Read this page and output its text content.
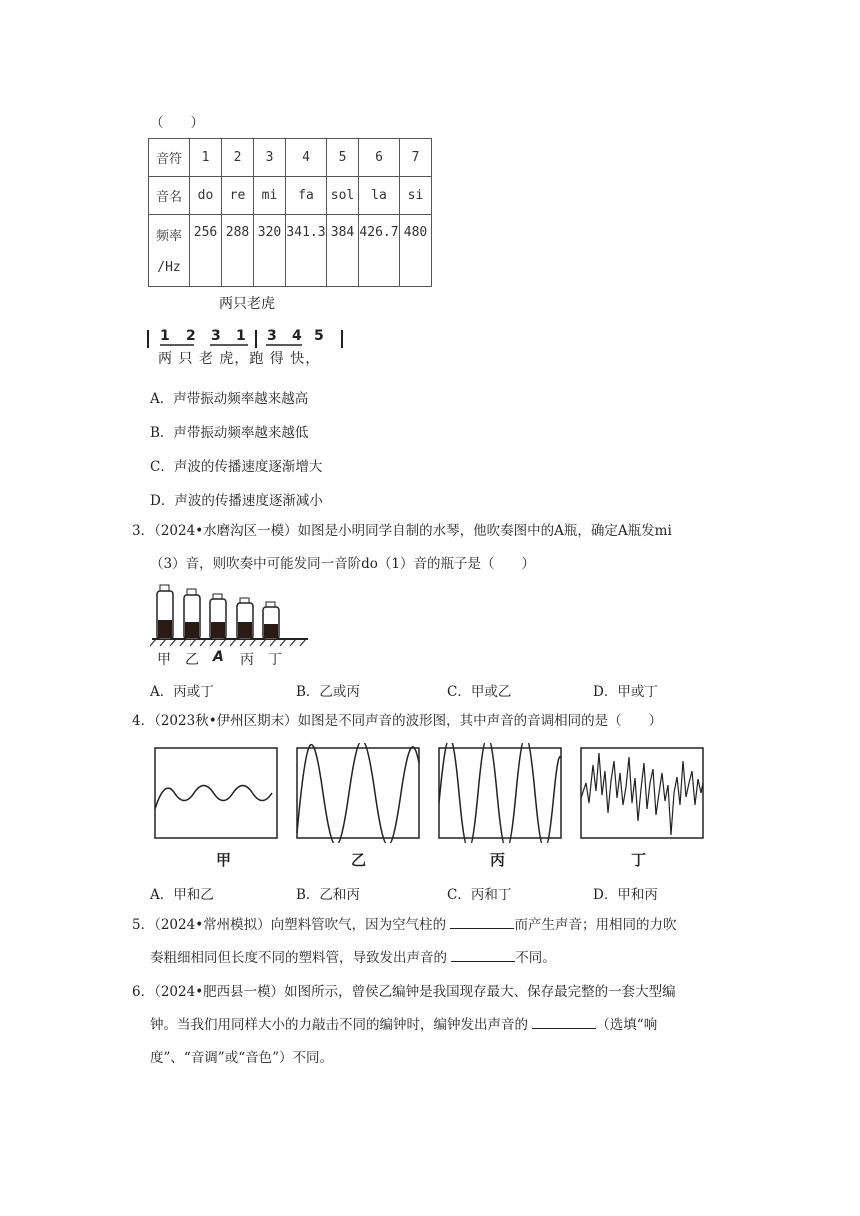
（　　）
音符	1	2	3	4	5	6	7
音名	do	re	mi	fa	sol	la	si

频率
/Hz	256	288	320	341.3	384	426.7	480
两只老虎
1 2 3 1 3 4 5
两 只 老 虎，跑 得 快，
A．声带振动频率越来越高
B．声带振动频率越来越低
C．声波的传播速度逐渐增大
D．声波的传播速度逐渐减小
3．（2024•水磨沟区一模）如图是小明同学自制的水琴，他吹奏图中的A瓶，确定A瓶发mi
（3）音，则吹奏中可能发同一音阶do（1）音的瓶子是（　　）
甲 乙 A 丙 丁
A．丙或丁	B．乙或丙	C．甲或乙	D．甲或丁
4．（2023秋•伊州区期末）如图是不同声音的波形图，其中声音的音调相同的是（　　）
甲	乙	丙	丁
A．甲和乙	B．乙和丙	C．丙和丁	D．甲和丙
5．（2024•常州模拟）向塑料管吹气，因为空气柱的	而产生声音；用相同的力吹
奏粗细相同但长度不同的塑料管，导致发出声音的	不同。
6．（2024•肥西县一模）如图所示，曾侯乙编钟是我国现存最大、保存最完整的一套大型编
钟。当我们用同样大小的力敲击不同的编钟时，编钟发出声音的	（选填“响
度”、“音调”或“音色”）不同。
